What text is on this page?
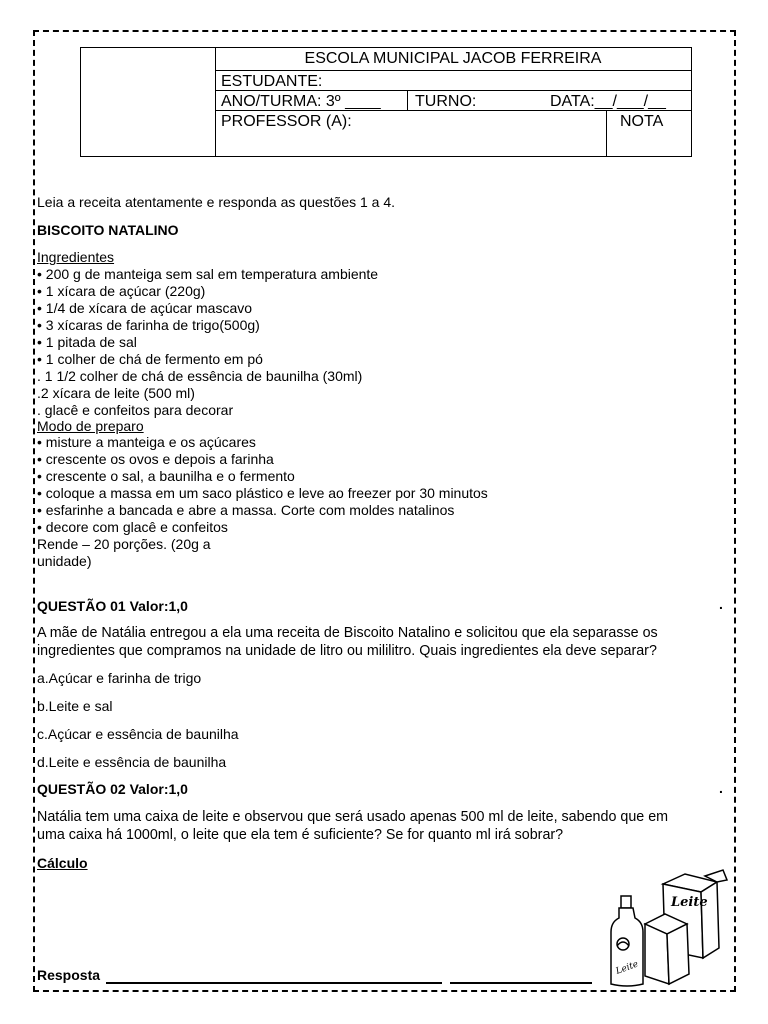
ESCOLA MUNICIPAL JACOB FERREIRA
ESTUDANTE:
ANO/TURMA: 3º ____ TURNO:	DATA:__/___/__
PROFESSOR (A):	NOTA
Leia a receita atentamente e responda as questões 1 a 4.
BISCOITO NATALINO
Ingredientes
• 200 g de manteiga sem sal em temperatura ambiente
• 1 xícara de açúcar (220g)
• 1/4 de xícara de açúcar mascavo
• 3 xícaras de farinha de trigo(500g)
• 1 pitada de sal
• 1 colher de chá de fermento em pó
. 1 1/2 colher de chá de essência de baunilha (30ml)
.2 xícara de leite (500 ml)
. glacê e confeitos para decorar
Modo de preparo
• misture a manteiga e os açúcares
• crescente os ovos e depois a farinha
• crescente o sal, a baunilha e o fermento
• coloque a massa em um saco plástico e leve ao freezer por 30 minutos
• esfarinhe a bancada e abre a massa. Corte com moldes natalinos
• decore com glacê e confeitos
Rende – 20 porções. (20g a
unidade)
QUESTÃO 01 Valor:1,0	.
A mãe de Natália entregou a ela uma receita de Biscoito Natalino e solicitou que ela separasse os
ingredientes que compramos na unidade de litro ou mililitro. Quais ingredientes ela deve separar?
a.Açúcar e farinha de trigo
b.Leite e sal
c.Açúcar e essência de baunilha
d.Leite e essência de baunilha
QUESTÃO 02 Valor:1,0	.
Natália tem uma caixa de leite e observou que será usado apenas 500 ml de leite, sabendo que em
uma caixa há 1000ml, o leite que ela tem é suficiente? Se for quanto ml irá sobrar?
Cálculo
Resposta
Leite
Leite
